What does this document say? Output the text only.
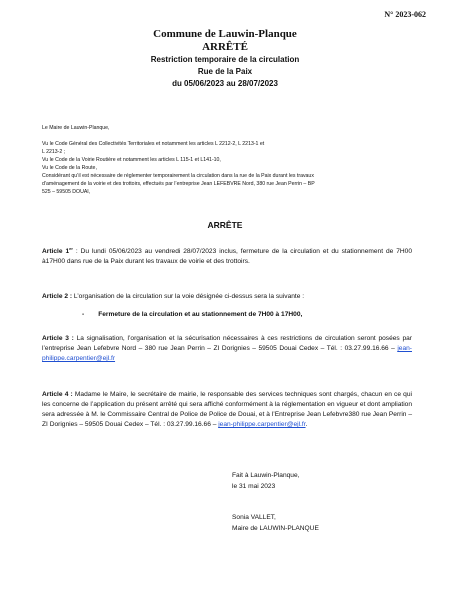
N° 2023-062
Commune de Lauwin-Planque
ARRÊTÉ
Restriction temporaire de la circulation
Rue de la Paix
du 05/06/2023 au 28/07/2023
Le Maire de Lauwin-Planque,
Vu le Code Général des Collectivités Territoriales et notamment les articles L 2212-2, L 2213-1 et
L 2213-2 ;
Vu le Code de la Voirie Routière et notamment les articles L 115-1 et L141-10,
Vu le Code de la Route,
Considérant qu’il est nécessaire de réglementer temporairement la circulation dans la rue de la Paix durant les travaux
d’aménagement de la voirie et des trottoirs, effectués par l’entreprise Jean LEFEBVRE Nord, 380 rue Jean Perrin – BP
525 – 59505 DOUAI,
ARRÊTE
Article 1er : Du lundi 05/06/2023 au vendredi 28/07/2023 inclus, fermeture de la circulation et du stationnement de 7H00 à17H00 dans rue de la Paix durant les travaux de voirie et des trottoirs.
Article 2 : L’organisation de la circulation sur la voie désignée ci-dessus sera la suivante :
- Fermeture de la circulation et au stationnement de 7H00 à 17H00,
Article 3 : La signalisation, l’organisation et la sécurisation nécessaires à ces restrictions de circulation seront posées par l’entreprise Jean Lefebvre Nord – 380 rue Jean Perrin – ZI Dorignies – 59505 Douai Cedex – Tél. : 03.27.99.16.66 – jean-philippe.carpentier@ejl.fr
Article 4 : Madame le Maire, le secrétaire de mairie, le responsable des services techniques sont chargés, chacun en ce qui les concerne de l’application du présent arrêté qui sera affiché conformément à la réglementation en vigueur et dont ampliation sera adressée à M. le Commissaire Central de Police de Police de Douai, et à l’Entreprise Jean Lefebvre380 rue Jean Perrin – ZI Dorignies – 59505 Douai Cedex – Tél. : 03.27.99.16.66 – jean-philippe.carpentier@ejl.fr.
Fait à Lauwin-Planque,
le 31 mai 2023
Sonia VALLET,
Maire de LAUWIN-PLANQUE
